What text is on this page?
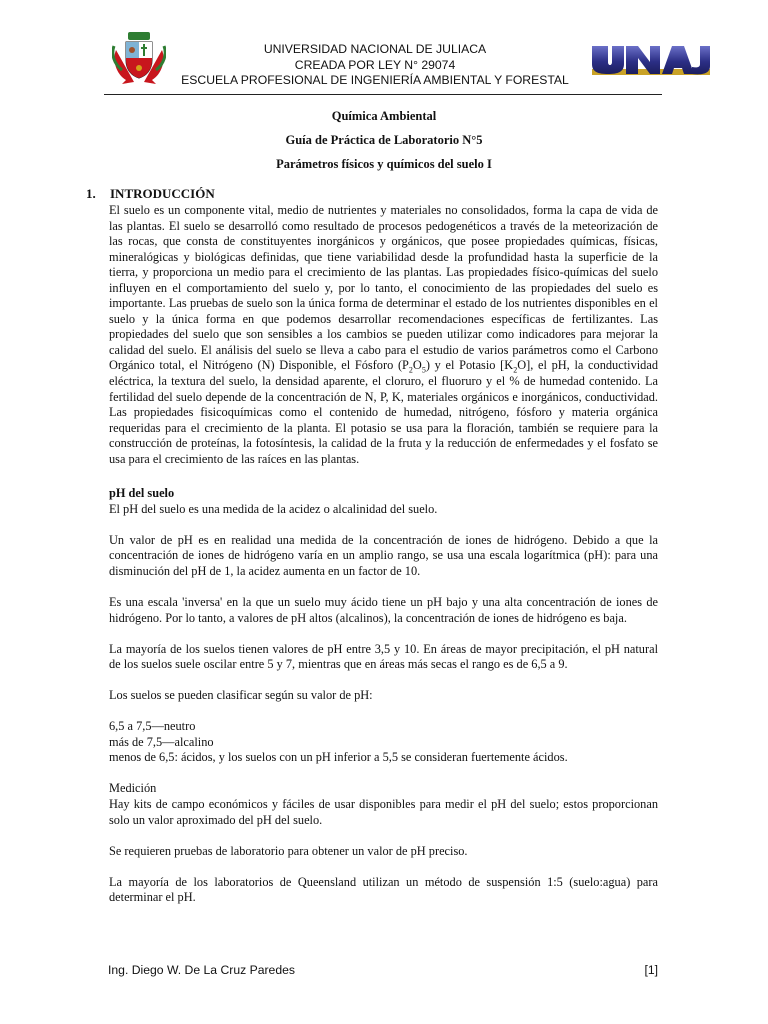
UNIVERSIDAD NACIONAL DE JULIACA
CREADA POR LEY N° 29074
ESCUELA PROFESIONAL DE INGENIERÍA AMBIENTAL Y FORESTAL
Química Ambiental
Guía de Práctica de Laboratorio N°5
Parámetros físicos y químicos del suelo I
1. INTRODUCCIÓN

El suelo es un componente vital, medio de nutrientes y materiales no consolidados, forma la capa de vida de las plantas. El suelo se desarrolló como resultado de procesos pedogenéticos a través de la meteorización de las rocas, que consta de constituyentes inorgánicos y orgánicos, que posee propiedades químicas, físicas, mineralógicas y biológicas definidas, que tiene variabilidad desde la profundidad hasta la superficie de la tierra, y proporciona un medio para el crecimiento de las plantas. Las propiedades físico-químicas del suelo influyen en el comportamiento del suelo y, por lo tanto, el conocimiento de las propiedades del suelo es importante. Las pruebas de suelo son la única forma de determinar el estado de los nutrientes disponibles en el suelo y la única forma en que podemos desarrollar recomendaciones específicas de fertilizantes. Las propiedades del suelo que son sensibles a los cambios se pueden utilizar como indicadores para mejorar la calidad del suelo. El análisis del suelo se lleva a cabo para el estudio de varios parámetros como el Carbono Orgánico total, el Nitrógeno (N) Disponible, el Fósforo $(P_2O_5)$ y el Potasio $[K_2O]$, el pH, la conductividad eléctrica, la textura del suelo, la densidad aparente, el cloruro, el fluoruro y el % de humedad contenido. La fertilidad del suelo depende de la concentración de N, P, K, materiales orgánicos e inorgánicos, conductividad. Las propiedades fisicoquímicas como el contenido de humedad, nitrógeno, fósforo y materia orgánica requeridas para el crecimiento de la planta. El potasio se usa para la floración, también se requiere para la construcción de proteínas, la fotosíntesis, la calidad de la fruta y la reducción de enfermedades y el fosfato se usa para el crecimiento de las raíces en las plantas.

pH del suelo

El pH del suelo es una medida de la acidez o alcalinidad del suelo.

Un valor de pH es en realidad una medida de la concentración de iones de hidrógeno. Debido a que la concentración de iones de hidrógeno varía en un amplio rango, se usa una escala logarítmica (pH): para una disminución del pH de 1, la acidez aumenta en un factor de 10.

Es una escala 'inversa' en la que un suelo muy ácido tiene un pH bajo y una alta concentración de iones de hidrógeno. Por lo tanto, a valores de pH altos (alcalinos), la concentración de iones de hidrógeno es baja.

La mayoría de los suelos tienen valores de pH entre 3,5 y 10. En áreas de mayor precipitación, el pH natural de los suelos suele oscilar entre 5 y 7, mientras que en áreas más secas el rango es de 6,5 a 9.

Los suelos se pueden clasificar según su valor de pH:

6,5 a 7,5—neutro
más de 7,5—alcalino

menos de 6,5: ácidos, y los suelos con un pH inferior a 5,5 se consideran fuertemente ácidos.

Medición

Hay kits de campo económicos y fáciles de usar disponibles para medir el pH del suelo; estos proporcionan solo un valor aproximado del pH del suelo.

Se requieren pruebas de laboratorio para obtener un valor de pH preciso.

La mayoría de los laboratorios de Queensland utilizan un método de suspensión 1:5 (suelo:agua) para determinar el pH.

Ing. Diego W. De La Cruz Paredes	[1]
